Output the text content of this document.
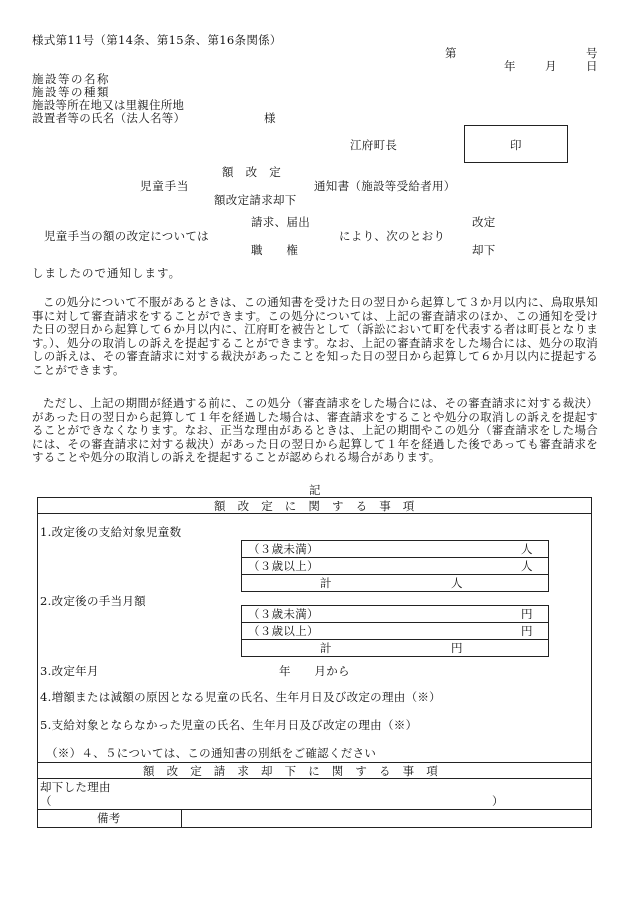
様式第11号（第14条、第15条、第16条関係）
第	号
年	月	日
施設等の名称
施設等の種類
施設等所在地又は里親住所地
設置者等の氏名（法人名等）	様
江府町長	印
額　改　定
児童手当	通知書（施設等受給者用）
額改定請求却下
請求、届出	改定
児童手当の額の改定については	により、次のとおり
職　　権	却下
しましたので通知します。
この処分について不服があるときは、この通知書を受けた日の翌日から起算して３か月以内に、鳥取県知事に対して審査請求をすることができます。この処分については、上記の審査請求のほか、この通知を受けた日の翌日から起算して６か月以内に、江府町を被告として（訴訟において町を代表する者は町長となります。）、処分の取消しの訴えを提起することができます。なお、上記の審査請求をした場合には、処分の取消しの訴えは、その審査請求に対する裁決があったことを知った日の翌日から起算して６か月以内に提起することができます。
ただし、上記の期間が経過する前に、この処分（審査請求をした場合には、その審査請求に対する裁決）があった日の翌日から起算して１年を経過した場合は、審査請求をすることや処分の取消しの訴えを提起することができなくなります。なお、正当な理由があるときは、上記の期間やこの処分（審査請求をした場合には、その審査請求に対する裁決）があった日の翌日から起算して１年を経過した後であっても審査請求をすることや処分の取消しの訴えを提起することが認められる場合があります。
記
額　改　定　に　関　す　る　事　項
1.改定後の支給対象児童数
（３歳未満）	人
（３歳以上）	人
計	人
2.改定後の手当月額
（３歳未満）	円
（３歳以上）	円
計	円
3.改定年月	年　　月から
4.増額または減額の原因となる児童の氏名、生年月日及び改定の理由（※）
5.支給対象とならなかった児童の氏名、生年月日及び改定の理由（※）
（※）４、５については、この通知書の別紙をご確認ください
額　改　定　請　求　却　下　に　関　す　る　事　項
却下した理由
（	）
備考
